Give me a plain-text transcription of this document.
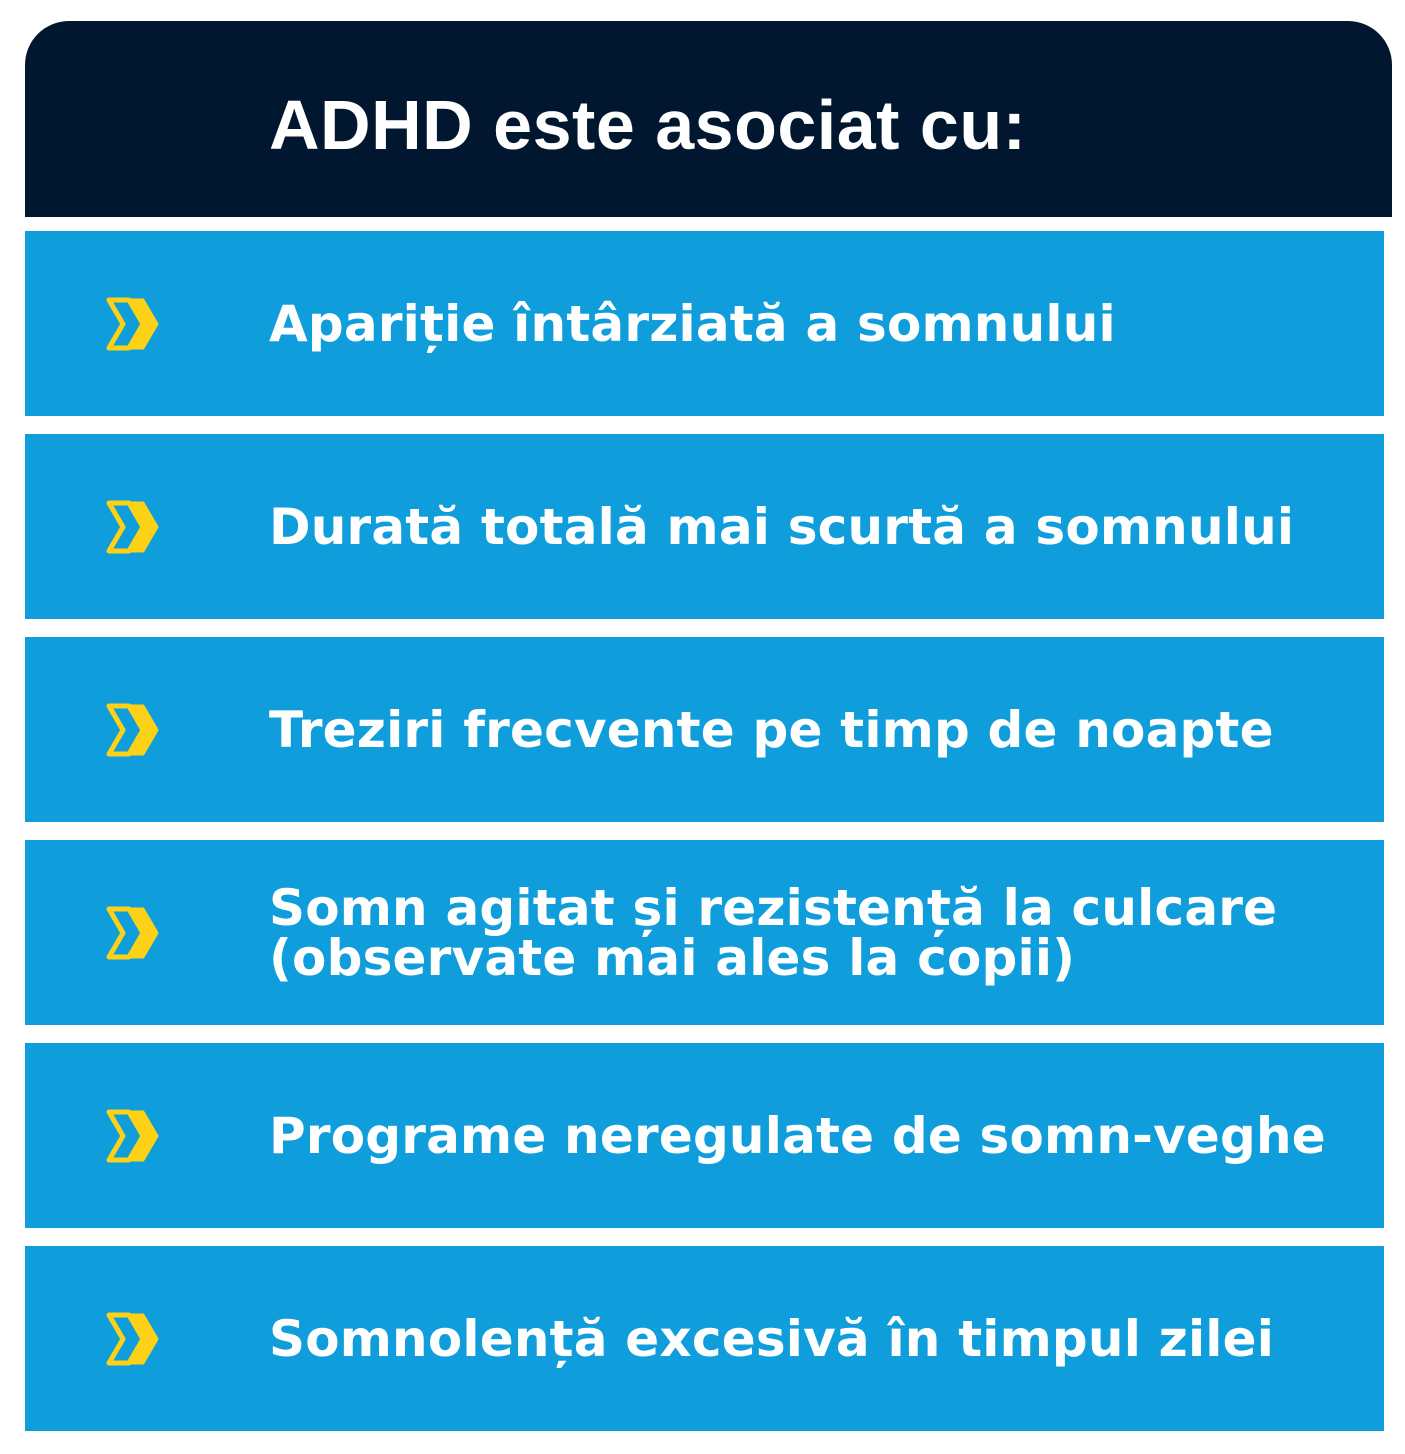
ADHD este asociat cu:
Apariție întârziată a somnului
Durată totală mai scurtă a somnului
Treziri frecvente pe timp de noapte
Somn agitat și rezistență la culcare (observate mai ales la copii)
Programe neregulate de somn-veghe
Somnolență excesivă în timpul zilei
